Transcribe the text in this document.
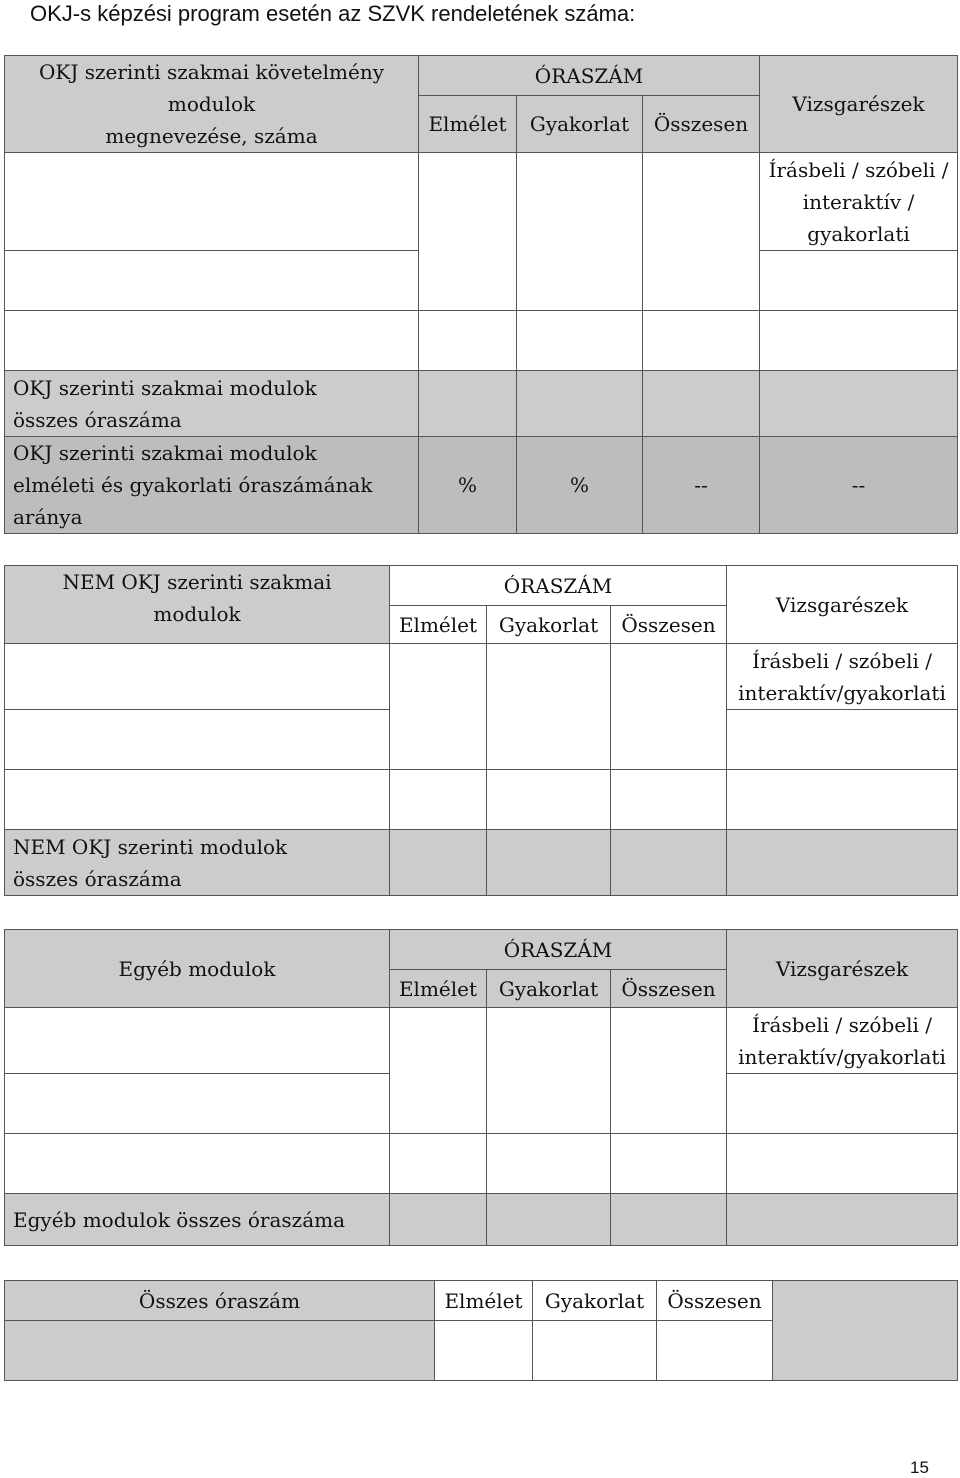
OKJ-s képzési program esetén az SZVK rendeletének száma:
OKJ szerinti szakmai követelmény
modulok
megnevezése, száma	ÓRASZÁM			Vizsgarészek
	Elmélet	Gyakorlat	Összesen	

				Írásbeli / szóbeli /
interaktív /
gyakorlati

OKJ szerinti szakmai modulok
összes óraszáma				

OKJ szerinti szakmai modulok
elméleti és gyakorlati óraszámának
aránya	%	%	--	--
NEM OKJ szerinti szakmai
modulok	ÓRASZÁM			Vizsgarészek
	Elmélet	Gyakorlat	Összesen	

				Írásbeli / szóbeli /
interaktív/gyakorlati

NEM OKJ szerinti modulok
összes óraszáma				

Egyéb modulok	ÓRASZÁM			Vizsgarészek
	Elmélet	Gyakorlat	Összesen	

				Írásbeli / szóbeli /
interaktív/gyakorlati

Egyéb modulok összes óraszáma				
Összes óraszám	Elmélet	Gyakorlat	Összesen	

15
